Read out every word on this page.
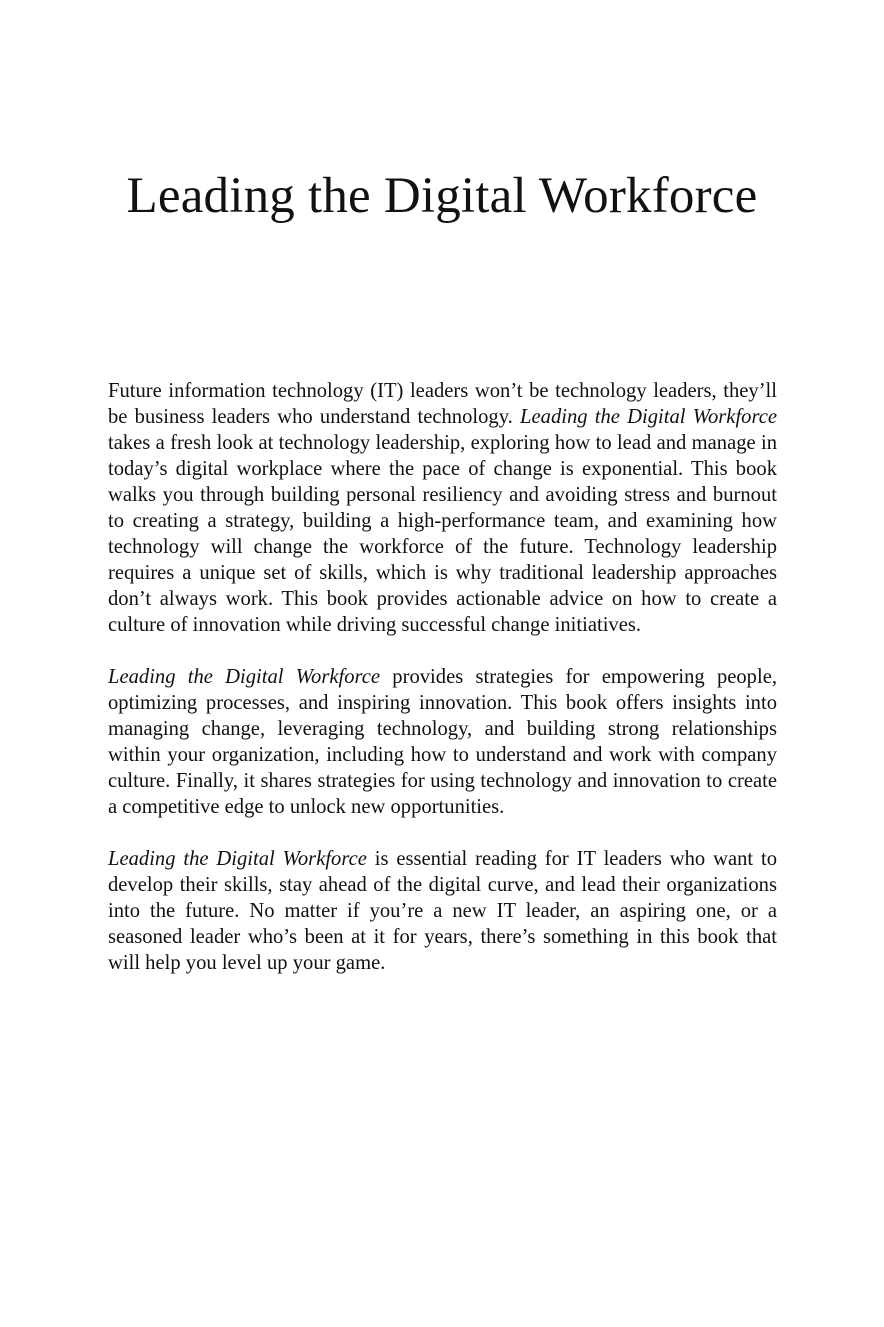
Leading the Digital Workforce

Future information technology (IT) leaders won’t be technology leaders, they’ll be business leaders who understand technology. Leading the Digital Workforce takes a fresh look at technology leadership, exploring how to lead and manage in today’s digital workplace where the pace of change is exponential. This book walks you through building personal resiliency and avoiding stress and burnout to creating a strategy, building a high-performance team, and examining how technology will change the workforce of the future. Technology leadership requires a unique set of skills, which is why traditional leadership approaches don’t always work. This book provides actionable advice on how to create a culture of innovation while driving successful change initiatives.

Leading the Digital Workforce provides strategies for empowering people, optimizing processes, and inspiring innovation. This book offers insights into managing change, leveraging technology, and building strong relationships within your organization, including how to understand and work with company culture. Finally, it shares strategies for using technology and innovation to create a competitive edge to unlock new opportunities.

Leading the Digital Workforce is essential reading for IT leaders who want to develop their skills, stay ahead of the digital curve, and lead their organizations into the future. No matter if you’re a new IT leader, an aspiring one, or a seasoned leader who’s been at it for years, there’s something in this book that will help you level up your game.
